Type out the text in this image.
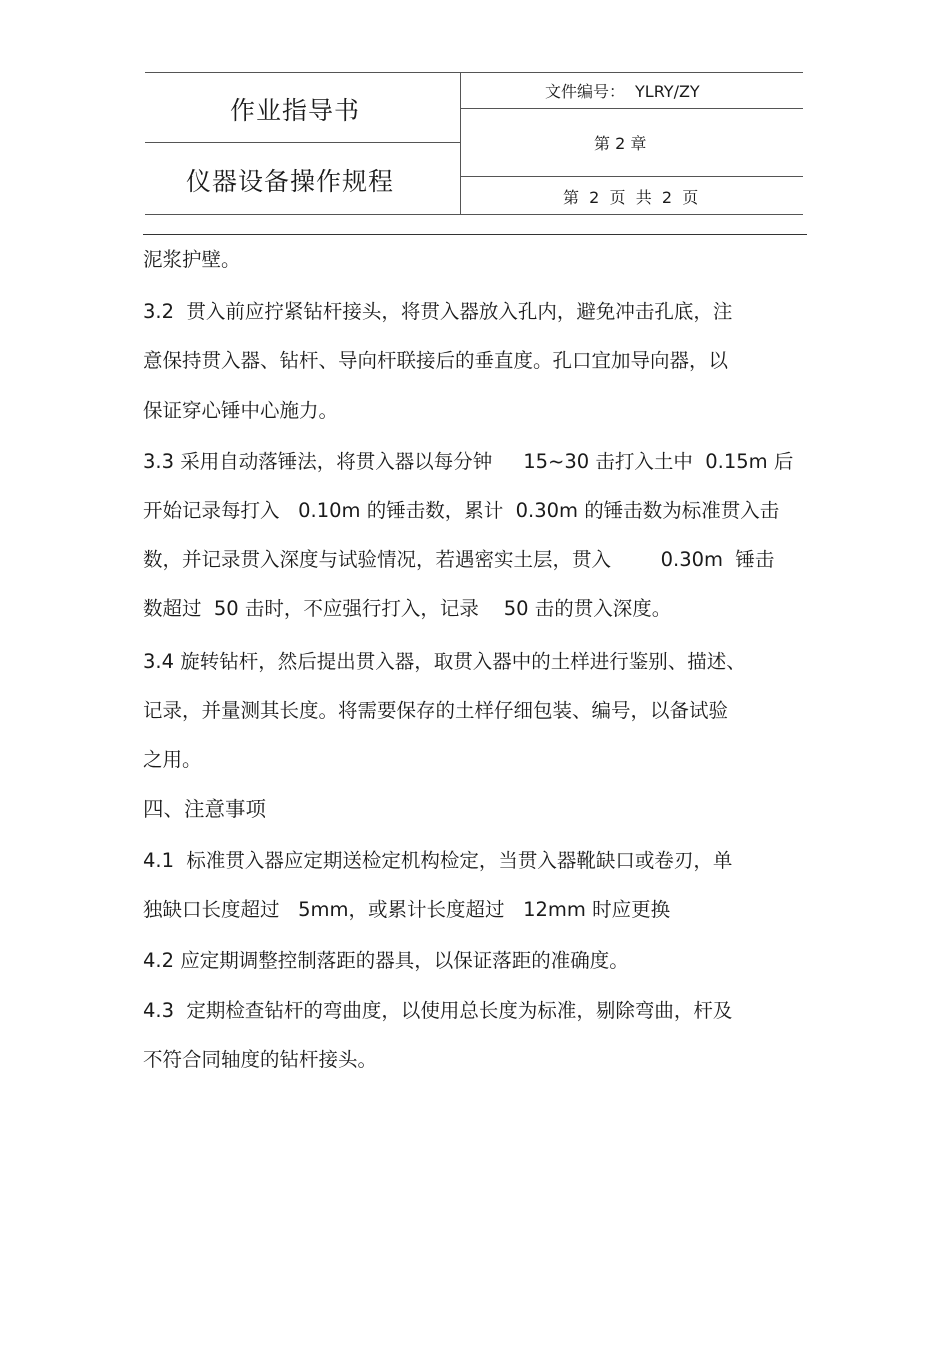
作业指导书
仪器设备操作规程
文件编号： YLRY/ZY
第 2 章
第  2  页  共  2  页
泥浆护壁。
3.2  贯入前应拧紧钻杆接头，将贯入器放入孔内，避免冲击孔底，注
意保持贯入器、钻杆、导向杆联接后的垂直度。孔口宜加导向器，以
保证穿心锤中心施力。
3.3 采用自动落锤法，将贯入器以每分钟     15~30 击打入土中  0.15m 后
开始记录每打入   0.10m 的锤击数，累计  0.30m 的锤击数为标准贯入击
数，并记录贯入深度与试验情况，若遇密实土层，贯入        0.30m  锤击
数超过  50 击时，不应强行打入，记录    50 击的贯入深度。
3.4 旋转钻杆，然后提出贯入器，取贯入器中的土样进行鉴别、描述、
记录，并量测其长度。将需要保存的土样仔细包装、编号，以备试验
之用。
四、注意事项
4.1  标准贯入器应定期送检定机构检定，当贯入器靴缺口或卷刃，单
独缺口长度超过   5mm，或累计长度超过   12mm 时应更换
4.2 应定期调整控制落距的器具，以保证落距的准确度。
4.3  定期检查钻杆的弯曲度，以使用总长度为标准，剔除弯曲，杆及
不符合同轴度的钻杆接头。
